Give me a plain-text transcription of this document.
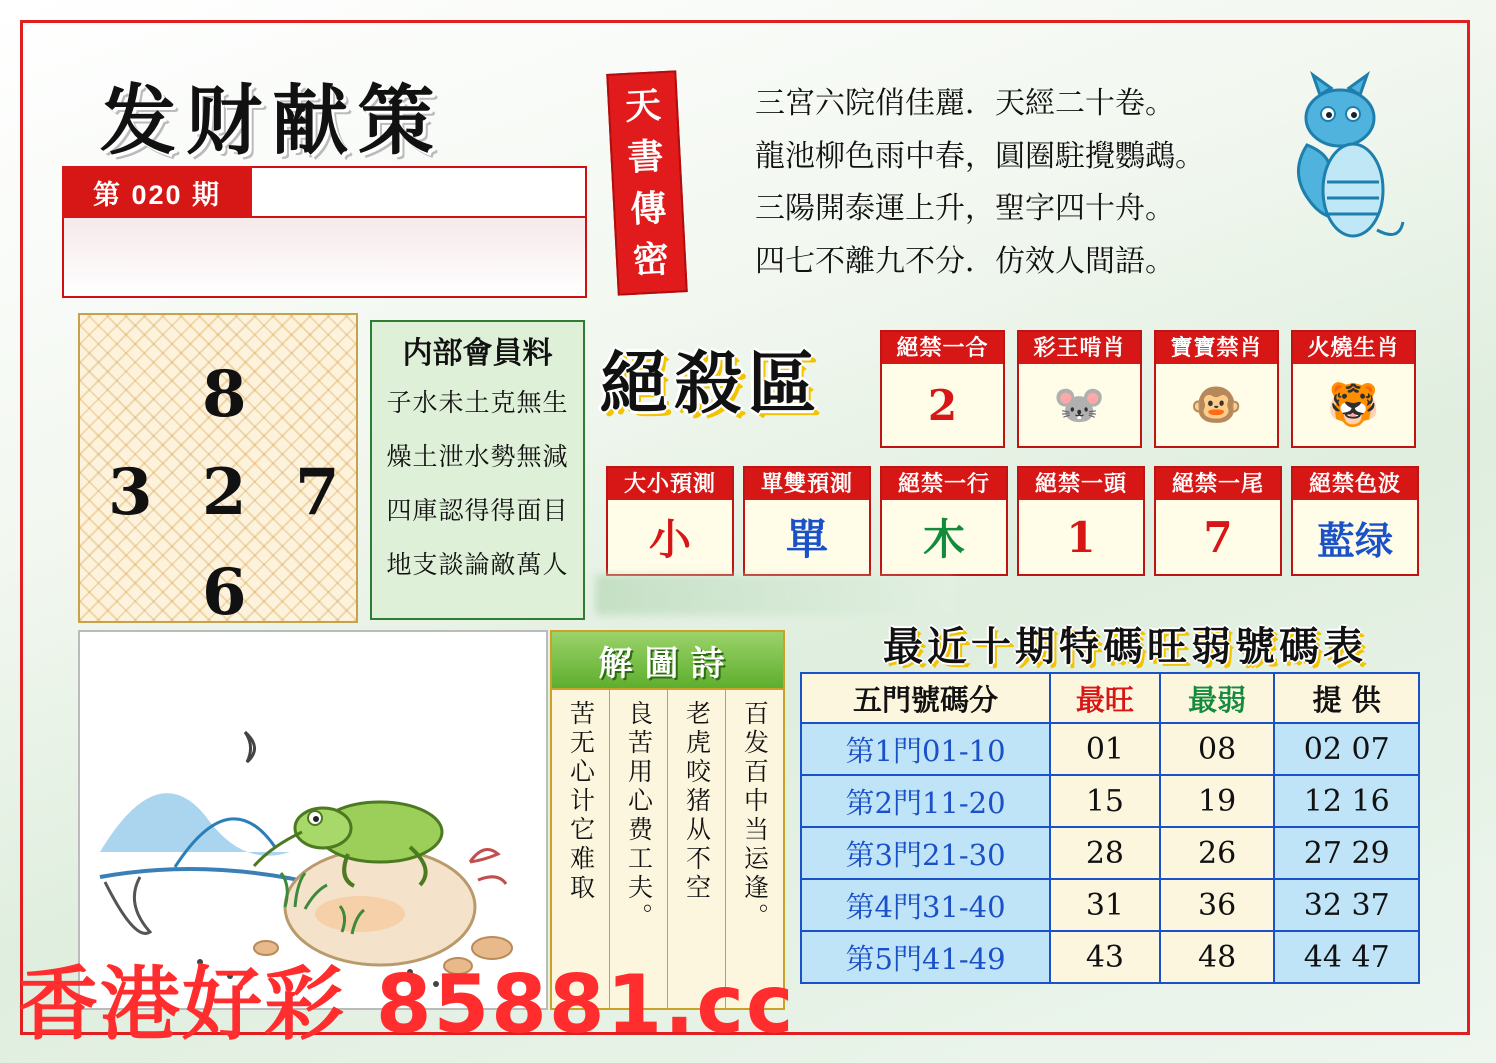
发财献策
第 020 期
天
書
傳
密
三宮六院俏佳麗．天經二十卷。
龍池柳色雨中春，圓圈駐攪鸚鵡。
三陽開泰運上升，聖字四十舟。
四七不離九不分．仿效人間語。
8
3 2 7
6
内部會員料
子水未土克無生
燥土泄水勢無減
四庫認得得面目
地支談論敵萬人
絕殺區	絕禁一合
2
彩王啃肖
🐭
寶寶禁肖
🐵
火燒生肖
🐯
大小預測
小
單雙預測
單
絕禁一行
木
絕禁一頭
1
絕禁一尾
7
絕禁色波
藍绿
解圖詩
百发百中当运逢。
老虎咬猪从不空
良苦用心费工夫。
苦无心计它难取
最近十期特碼旺弱號碼表
五門號碼分	最旺	最弱	提 供
第1門01-10	01	08	02 07
第2門11-20	15	19	12 16
第3門21-30	28	26	27 29
第4門31-40	31	36	32 37
第5門41-49	43	48	44 47
香港好彩 85881.cc
